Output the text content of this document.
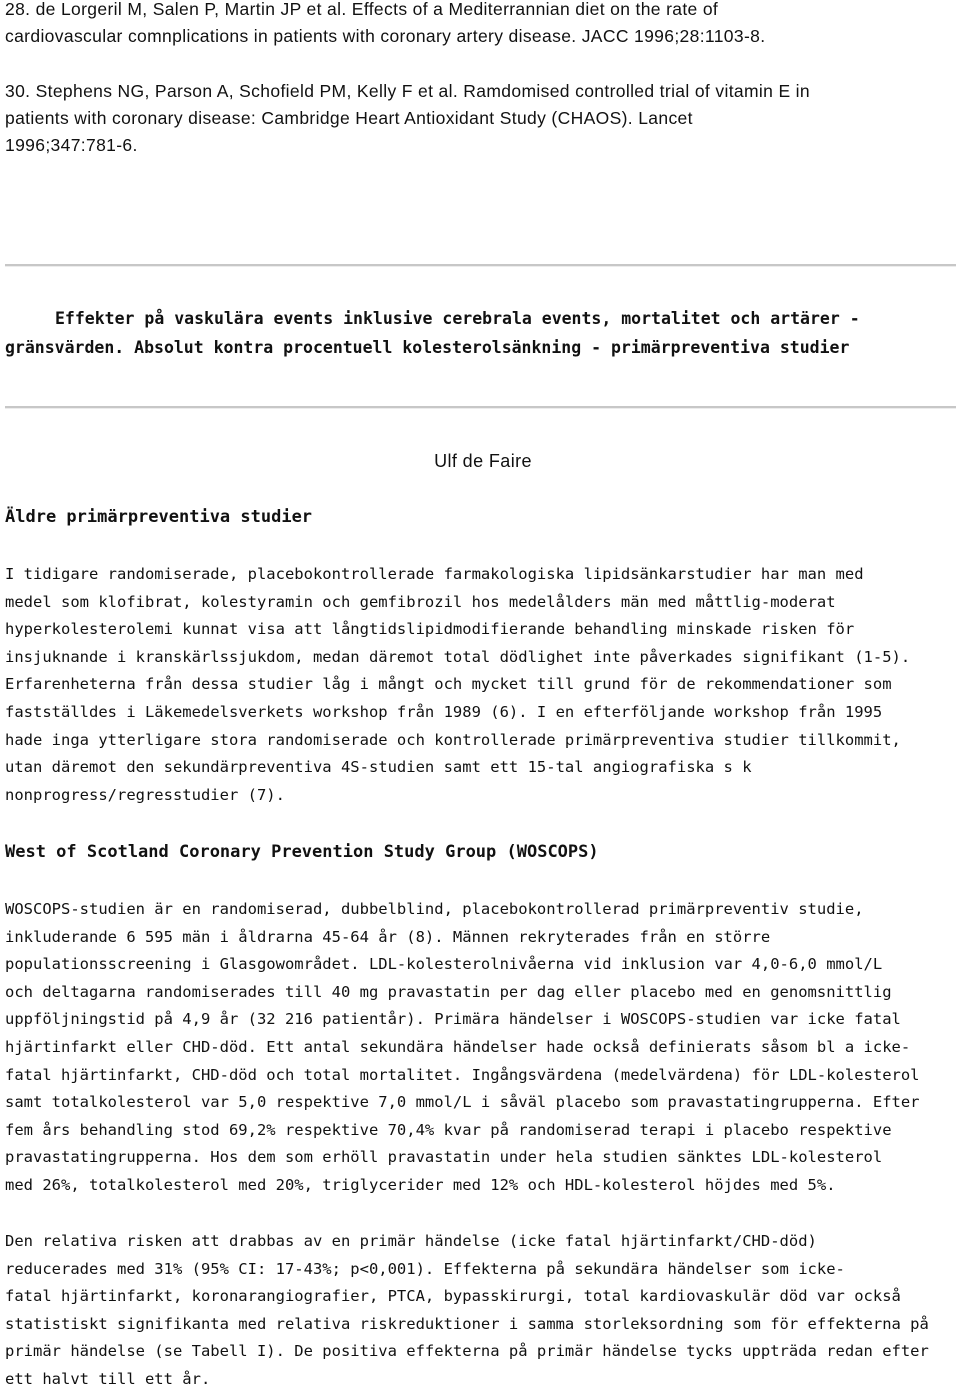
28. de Lorgeril M, Salen P, Martin JP et al. Effects of a Mediterrannian diet on the rate of
cardiovascular comnplications in patients with coronary artery disease. JACC 1996;28:1103-8.

30. Stephens NG, Parson A, Schofield PM, Kelly F et al. Ramdomised controlled trial of vitamin E in
patients with coronary disease: Cambridge Heart Antioxidant Study (CHAOS). Lancet
1996;347:781-6.

Effekter på vaskulära events inklusive cerebrala events, mortalitet och artärer -
gränsvärden. Absolut kontra procentuell kolesterolsänkning - primärpreventiva studier

Ulf de Faire

Äldre primärpreventiva studier

I tidigare randomiserade, placebokontrollerade farmakologiska lipidsänkarstudier har man med
medel som klofibrat, kolestyramin och gemfibrozil hos medelålders män med måttlig-moderat
hyperkolesterolemi kunnat visa att långtidslipidmodifierande behandling minskade risken för
insjuknande i kranskärlssjukdom, medan däremot total dödlighet inte påverkades signifikant (1-5).
Erfarenheterna från dessa studier låg i mångt och mycket till grund för de rekommendationer som
fastställdes i Läkemedelsverkets workshop från 1989 (6). I en efterföljande workshop från 1995
hade inga ytterligare stora randomiserade och kontrollerade primärpreventiva studier tillkommit,
utan däremot den sekundärpreventiva 4S-studien samt ett 15-tal angiografiska s k
nonprogress/regresstudier (7).

West of Scotland Coronary Prevention Study Group (WOSCOPS)

WOSCOPS-studien är en randomiserad, dubbelblind, placebokontrollerad primärpreventiv studie,
inkluderande 6 595 män i åldrarna 45-64 år (8). Männen rekryterades från en större
populationsscreening i Glasgowområdet. LDL-kolesterolnivåerna vid inklusion var 4,0-6,0 mmol/L
och deltagarna randomiserades till 40 mg pravastatin per dag eller placebo med en genomsnittlig
uppföljningstid på 4,9 år (32 216 patientår). Primära händelser i WOSCOPS-studien var icke fatal
hjärtinfarkt eller CHD-död. Ett antal sekundära händelser hade också definierats såsom bl a icke-
fatal hjärtinfarkt, CHD-död och total mortalitet. Ingångsvärdena (medelvärdena) för LDL-kolesterol
samt totalkolesterol var 5,0 respektive 7,0 mmol/L i såväl placebo som pravastatingrupperna. Efter
fem års behandling stod 69,2% respektive 70,4% kvar på randomiserad terapi i placebo respektive
pravastatingrupperna. Hos dem som erhöll pravastatin under hela studien sänktes LDL-kolesterol
med 26%, totalkolesterol med 20%, triglycerider med 12% och HDL-kolesterol höjdes med 5%.

Den relativa risken att drabbas av en primär händelse (icke fatal hjärtinfarkt/CHD-död)
reducerades med 31% (95% CI: 17-43%; p<0,001). Effekterna på sekundära händelser som icke-
fatal hjärtinfarkt, koronarangiografier, PTCA, bypasskirurgi, total kardiovaskulär död var också
statistiskt signifikanta med relativa riskreduktioner i samma storleksordning som för effekterna på
primär händelse (se Tabell I). De positiva effekterna på primär händelse tycks uppträda redan efter
ett halvt till ett år.
